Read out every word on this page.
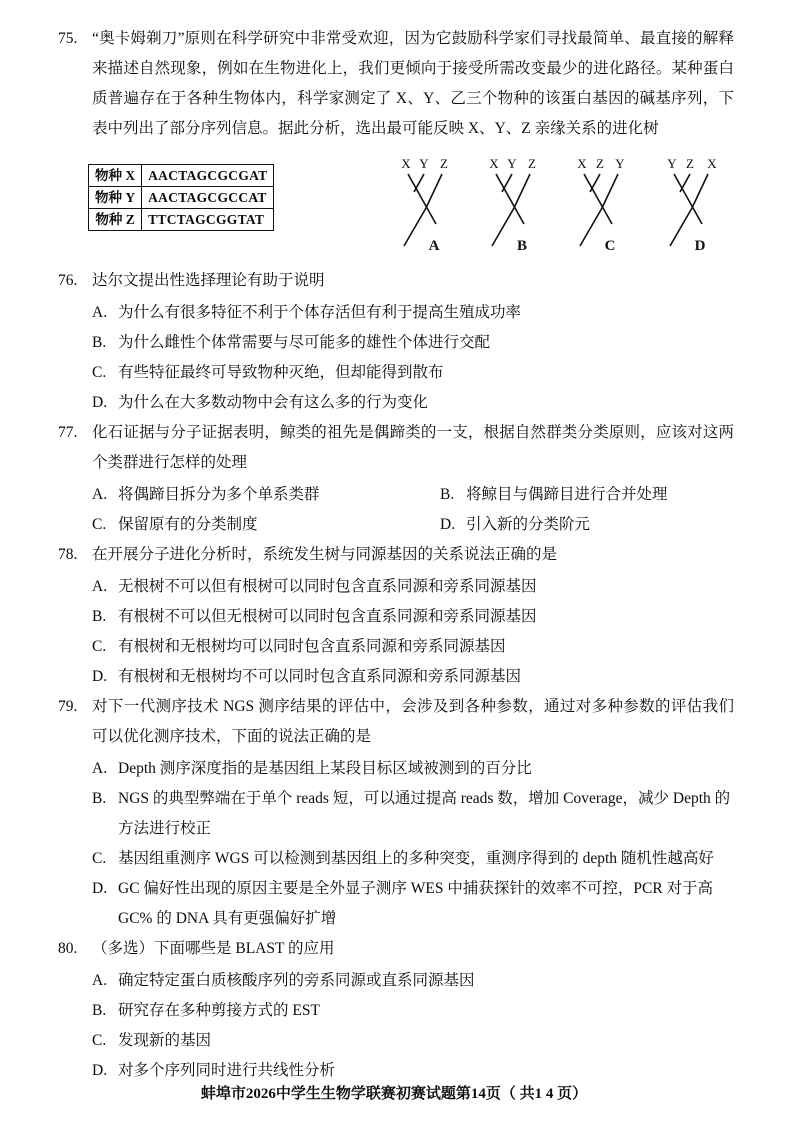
75. “奥卡姆剃刀”原则在科学研究中非常受欢迎，因为它鼓励科学家们寻找最简单、最直接的解释来描述自然现象，例如在生物进化上，我们更倾向于接受所需改变最少的进化路径。某种蛋白质普遍存在于各种生物体内，科学家测定了 X、Y、乙三个物种的该蛋白基因的碱基序列，下表中列出了部分序列信息。据此分析，选出最可能反映 X、Y、Z 亲缘关系的进化树
物种 X	AACTAGCGCGAT
物种 Y	AACTAGCGCCAT
物种 Z	TTCTAGCGGTAT
X Y Z	X Y Z	X Z Y	Y Z X
A	B	C	D
76. 达尔文提出性选择理论有助于说明
A. 为什么有很多特征不利于个体存活但有利于提高生殖成功率
B. 为什么雌性个体常需要与尽可能多的雄性个体进行交配
C. 有些特征最终可导致物种灭绝，但却能得到散布
D. 为什么在大多数动物中会有这么多的行为变化
77. 化石证据与分子证据表明，鲸类的祖先是偶蹄类的一支，根据自然群类分类原则，应该对这两个类群进行怎样的处理
A. 将偶蹄目拆分为多个单系类群	B. 将鲸目与偶蹄目进行合并处理
C. 保留原有的分类制度	D. 引入新的分类阶元
78. 在开展分子进化分析时，系统发生树与同源基因的关系说法正确的是
A. 无根树不可以但有根树可以同时包含直系同源和旁系同源基因
B. 有根树不可以但无根树可以同时包含直系同源和旁系同源基因
C. 有根树和无根树均可以同时包含直系同源和旁系同源基因
D. 有根树和无根树均不可以同时包含直系同源和旁系同源基因
79. 对下一代测序技术 NGS 测序结果的评估中，会涉及到各种参数，通过对多种参数的评估我们可以优化测序技术，下面的说法正确的是
A. Depth 测序深度指的是基因组上某段目标区域被测到的百分比
B. NGS 的典型弊端在于单个 reads 短，可以通过提高 reads 数，增加 Coverage，减少 Depth 的方法进行校正
C. 基因组重测序 WGS 可以检测到基因组上的多种突变，重测序得到的 depth 随机性越高好
D. GC 偏好性出现的原因主要是全外显子测序 WES 中捕获探针的效率不可控，PCR 对于高 GC% 的 DNA 具有更强偏好扩增
80. （多选）下面哪些是 BLAST 的应用
A. 确定特定蛋白质核酸序列的旁系同源或直系同源基因
B. 研究存在多种剪接方式的 EST
C. 发现新的基因
D. 对多个序列同时进行共线性分析
蚌埠市2026中学生生物学联赛初赛试题第14页（ 共1 4 页）
